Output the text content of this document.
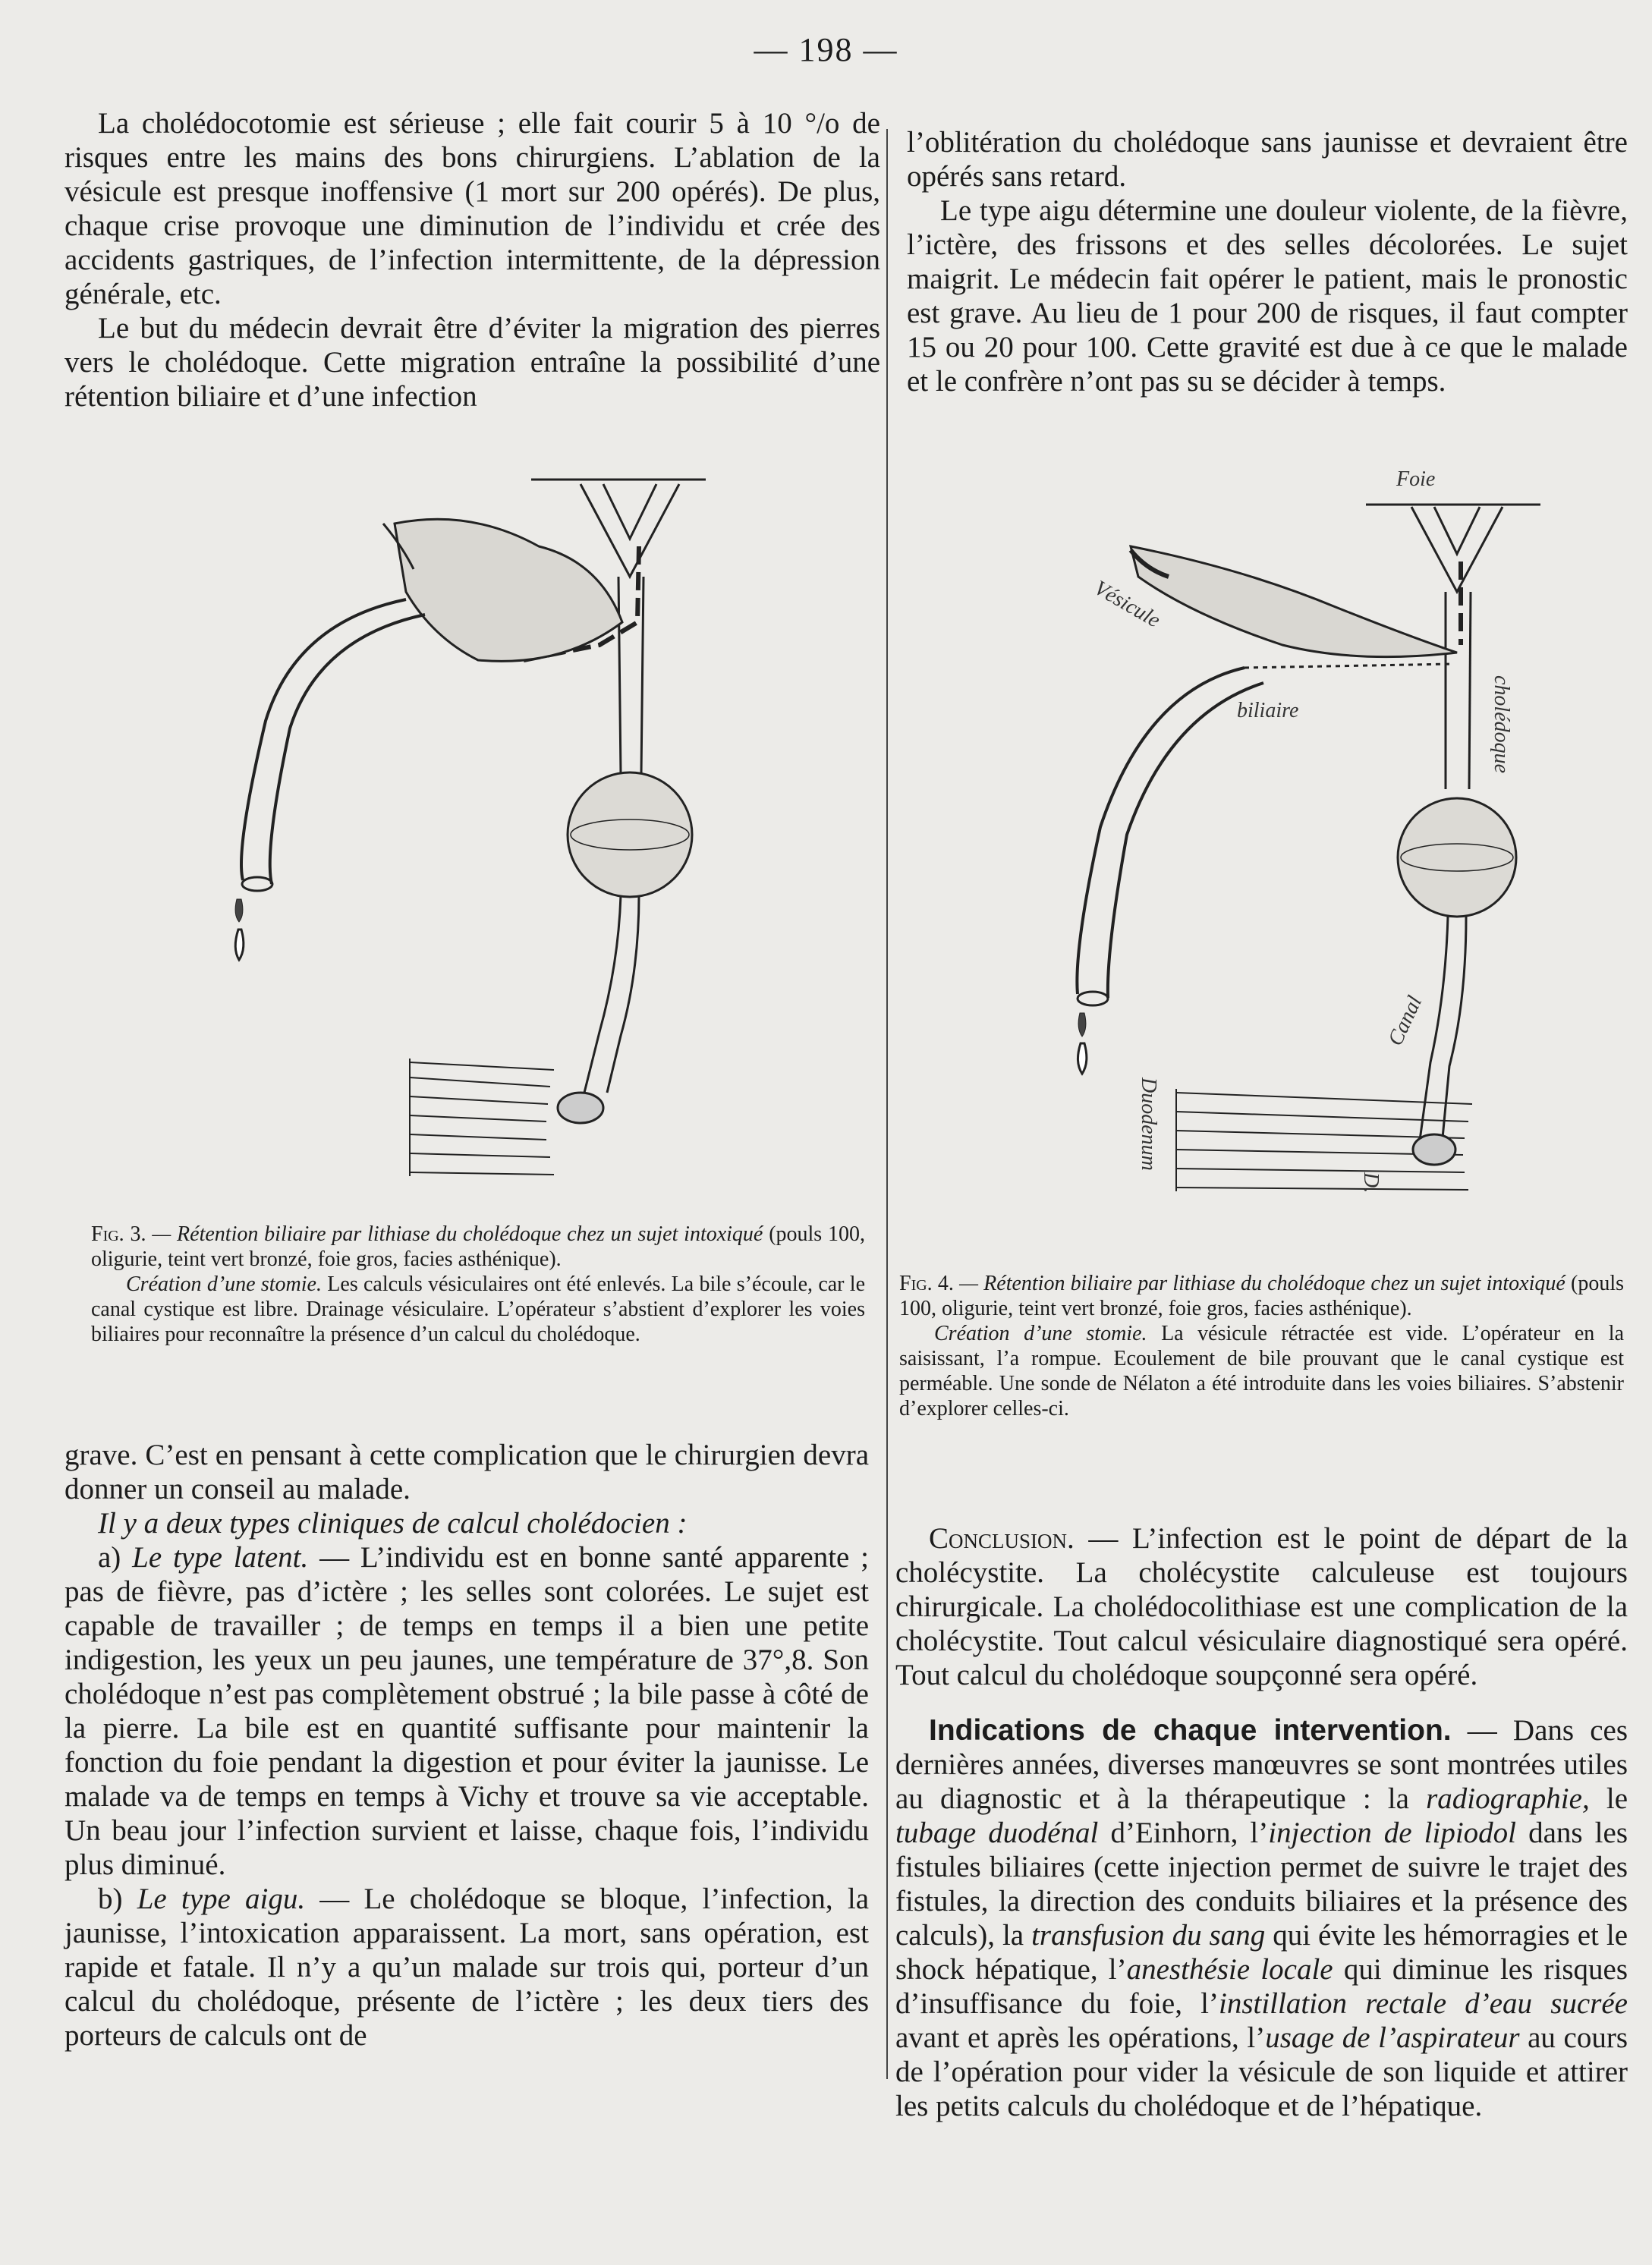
— 198 —

La cholédocotomie est sérieuse ; elle fait courir 5 à 10 °/o de risques entre les mains des bons chirurgiens. L’ablation de la vésicule est presque inoffensive (1 mort sur 200 opérés). De plus, chaque crise provoque une diminution de l’individu et crée des accidents gastriques, de l’infection intermittente, de la dépression générale, etc.

Le but du médecin devrait être d’éviter la migration des pierres vers le cholédoque. Cette migration entraîne la possibilité d’une rétention biliaire et d’une infection

l’oblitération du cholédoque sans jaunisse et devraient être opérés sans retard.

Le type aigu détermine une douleur violente, de la fièvre, l’ictère, des frissons et des selles décolorées. Le sujet maigrit. Le médecin fait opérer le patient, mais le pronostic est grave. Au lieu de 1 pour 200 de risques, il faut compter 15 ou 20 pour 100. Cette gravité est due à ce que le malade et le confrère n’ont pas su se décider à temps.

Fig. 3. — Rétention biliaire par lithiase du cholédoque chez un sujet intoxiqué (pouls 100, oligurie, teint vert bronzé, foie gros, facies asthénique).

Création d’une stomie. Les calculs vésiculaires ont été enlevés. La bile s’écoule, car le canal cystique est libre. Drainage vésiculaire. L’opérateur s’abstient d’explorer les voies biliaires pour reconnaître la présence d’un calcul du cholédoque.

Foie
Vésicule
biliaire	cholédoque
Canal
Duodenum
D.

Fig. 4. — Rétention biliaire par lithiase du cholédoque chez un sujet intoxiqué (pouls 100, oligurie, teint vert bronzé, foie gros, facies asthénique).

Création d’une stomie. La vésicule rétractée est vide. L’opérateur en la saisissant, l’a rompue. Ecoulement de bile prouvant que le canal cystique est perméable. Une sonde de Nélaton a été introduite dans les voies biliaires. S’abstenir d’explorer celles-ci.

grave. C’est en pensant à cette complication que le chirurgien devra donner un conseil au malade.

Il y a deux types cliniques de calcul cholédocien :

a) Le type latent. — L’individu est en bonne santé apparente ; pas de fièvre, pas d’ictère ; les selles sont colorées. Le sujet est capable de travailler ; de temps en temps il a bien une petite indigestion, les yeux un peu jaunes, une température de 37°,8. Son cholédoque n’est pas complètement obstrué ; la bile passe à côté de la pierre. La bile est en quantité suffisante pour maintenir la fonction du foie pendant la digestion et pour éviter la jaunisse. Le malade va de temps en temps à Vichy et trouve sa vie acceptable. Un beau jour l’infection survient et laisse, chaque fois, l’individu plus diminué.

b) Le type aigu. — Le cholédoque se bloque, l’infection, la jaunisse, l’intoxication apparaissent. La mort, sans opération, est rapide et fatale. Il n’y a qu’un malade sur trois qui, porteur d’un calcul du cholédoque, présente de l’ictère ; les deux tiers des porteurs de calculs ont de

Conclusion. — L’infection est le point de départ de la cholécystite. La cholécystite calculeuse est toujours chirurgicale. La cholédocolithiase est une complication de la cholécystite. Tout calcul vésiculaire diagnostiqué sera opéré. Tout calcul du cholédoque soupçonné sera opéré.

Indications de chaque intervention. — Dans ces dernières années, diverses manœuvres se sont montrées utiles au diagnostic et à la thérapeutique : la radiographie, le tubage duodénal d’Einhorn, l’injection de lipiodol dans les fistules biliaires (cette injection permet de suivre le trajet des fistules, la direction des conduits biliaires et la présence des calculs), la transfusion du sang qui évite les hémorragies et le shock hépatique, l’anesthésie locale qui diminue les risques d’insuffisance du foie, l’instillation rectale d’eau sucrée avant et après les opérations, l’usage de l’aspirateur au cours de l’opération pour vider la vésicule de son liquide et attirer les petits calculs du cholédoque et de l’hépatique.
